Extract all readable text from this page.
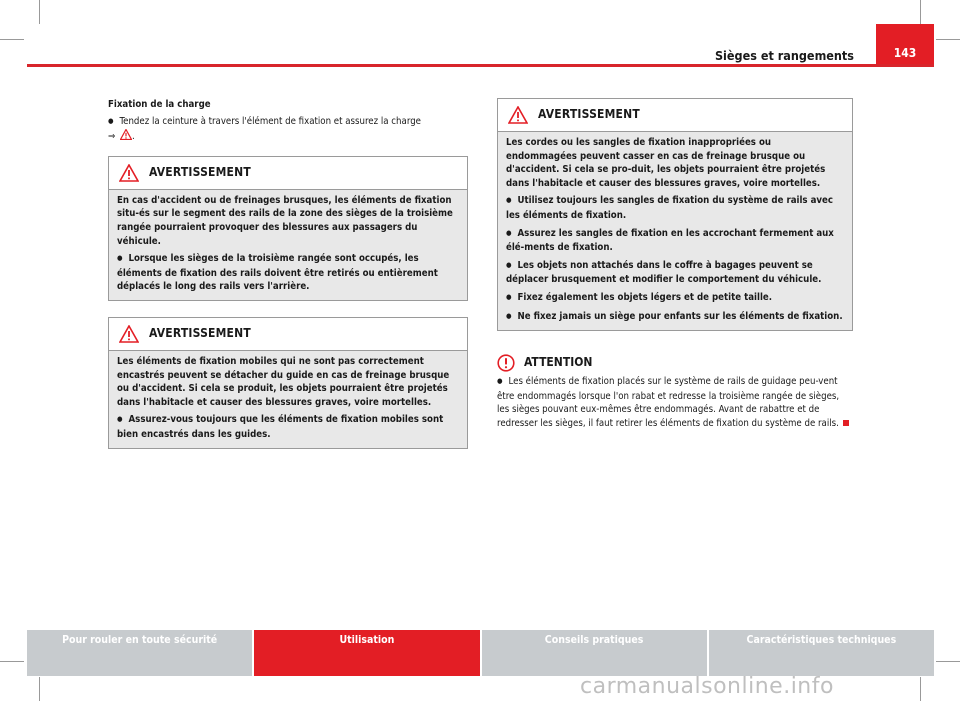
Sièges et rangements	143

Fixation de la charge

● Tendez la ceinture à travers l'élément de fixation et assurez la charge
⇒ .

AVERTISSEMENT

En cas d'accident ou de freinages brusques, les éléments de fixation situ-és sur le segment des rails de la zone des sièges de la troisième rangée pourraient provoquer des blessures aux passagers du véhicule.

● Lorsque les sièges de la troisième rangée sont occupés, les éléments de fixation des rails doivent être retirés ou entièrement déplacés le long des rails vers l'arrière.

AVERTISSEMENT

Les éléments de fixation mobiles qui ne sont pas correctement encastrés peuvent se détacher du guide en cas de freinage brusque ou d'accident. Si cela se produit, les objets pourraient être projetés dans l'habitacle et causer des blessures graves, voire mortelles.

● Assurez-vous toujours que les éléments de fixation mobiles sont bien encastrés dans les guides.

AVERTISSEMENT

Les cordes ou les sangles de fixation inappropriées ou endommagées peuvent casser en cas de freinage brusque ou d'accident. Si cela se pro-duit, les objets pourraient être projetés dans l'habitacle et causer des blessures graves, voire mortelles.

● Utilisez toujours les sangles de fixation du système de rails avec les éléments de fixation.

● Assurez les sangles de fixation en les accrochant fermement aux élé-ments de fixation.

● Les objets non attachés dans le coffre à bagages peuvent se déplacer brusquement et modifier le comportement du véhicule.

● Fixez également les objets légers et de petite taille.

● Ne fixez jamais un siège pour enfants sur les éléments de fixation.

ATTENTION

● Les éléments de fixation placés sur le système de rails de guidage peu-vent être endommagés lorsque l'on rabat et redresse la troisième rangée de sièges, les sièges pouvant eux-mêmes être endommagés. Avant de rabattre et de redresser les sièges, il faut retirer les éléments de fixation du système de rails.

Pour rouler en toute sécurité	Utilisation	Conseils pratiques	Caractéristiques techniques
carmanualsonline.info
